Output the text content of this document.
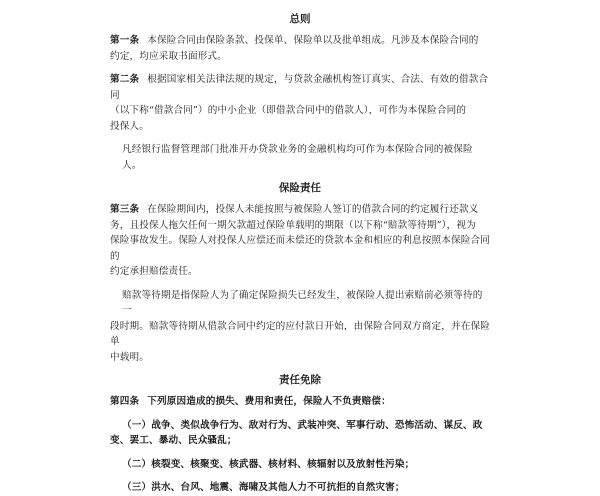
总则

第一条 本保险合同由保险条款、投保单、保险单以及批单组成。凡涉及本保险合同的

约定，均应采取书面形式。

第二条 根据国家相关法律法规的规定，与贷款金融机构签订真实、合法、有效的借款合同

（以下称“借款合同”）的中小企业（即借款合同中的借款人），可作为本保险合同的

投保人。

凡经银行监督管理部门批准开办贷款业务的金融机构均可作为本保险合同的被保险人。

保险责任

第三条 在保险期间内，投保人未能按照与被保险人签订的借款合同的约定履行还款义

务，且投保人拖欠任何一期欠款超过保险单载明的期限（以下称“赔款等待期”），视为

保险事故发生。保险人对投保人应偿还而未偿还的贷款本金和相应的利息按照本保险合同的

约定承担赔偿责任。

赔款等待期是指保险人为了确定保险损失已经发生，被保险人提出索赔前必须等待的一

段时期。赔款等待期从借款合同中约定的应付款日开始，由保险合同双方商定，并在保险单

中载明。

责任免除

第四条 下列原因造成的损失、费用和责任，保险人不负责赔偿：

（一）战争、类似战争行为、敌对行为、武装冲突、军事行动、恐怖活动、谋反、政

变、罢工、暴动、民众骚乱；

（二）核裂变、核聚变、核武器、核材料、核辐射以及放射性污染；

（三）洪水、台风、地震、海啸及其他人力不可抗拒的自然灾害；
